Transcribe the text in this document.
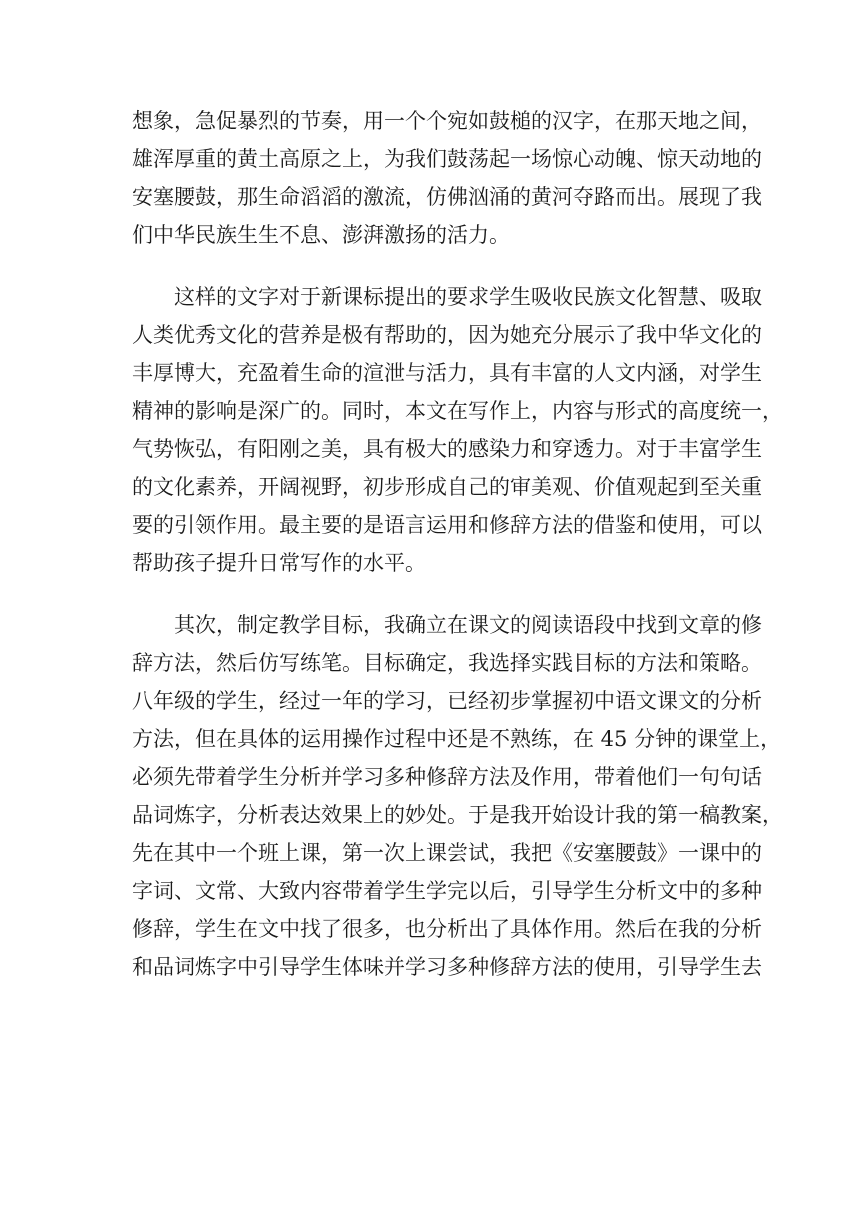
想象，急促暴烈的节奏，用一个个宛如鼓槌的汉字，在那天地之间，
雄浑厚重的黄土高原之上，为我们鼓荡起一场惊心动魄、惊天动地的
安塞腰鼓，那生命滔滔的激流，仿佛汹涌的黄河夺路而出。展现了我
们中华民族生生不息、澎湃激扬的活力。
这样的文字对于新课标提出的要求学生吸收民族文化智慧、吸取
人类优秀文化的营养是极有帮助的，因为她充分展示了我中华文化的
丰厚博大，充盈着生命的渲泄与活力，具有丰富的人文内涵，对学生
精神的影响是深广的。同时，本文在写作上，内容与形式的高度统一，
气势恢弘，有阳刚之美，具有极大的感染力和穿透力。对于丰富学生
的文化素养，开阔视野，初步形成自己的审美观、价值观起到至关重
要的引领作用。最主要的是语言运用和修辞方法的借鉴和使用，可以
帮助孩子提升日常写作的水平。
其次，制定教学目标，我确立在课文的阅读语段中找到文章的修
辞方法，然后仿写练笔。目标确定，我选择实践目标的方法和策略。
八年级的学生，经过一年的学习，已经初步掌握初中语文课文的分析
方法，但在具体的运用操作过程中还是不熟练，在 45 分钟的课堂上，
必须先带着学生分析并学习多种修辞方法及作用，带着他们一句句话
品词炼字，分析表达效果上的妙处。于是我开始设计我的第一稿教案，
先在其中一个班上课，第一次上课尝试，我把《安塞腰鼓》一课中的
字词、文常、大致内容带着学生学完以后，引导学生分析文中的多种
修辞，学生在文中找了很多，也分析出了具体作用。然后在我的分析
和品词炼字中引导学生体味并学习多种修辞方法的使用，引导学生去
